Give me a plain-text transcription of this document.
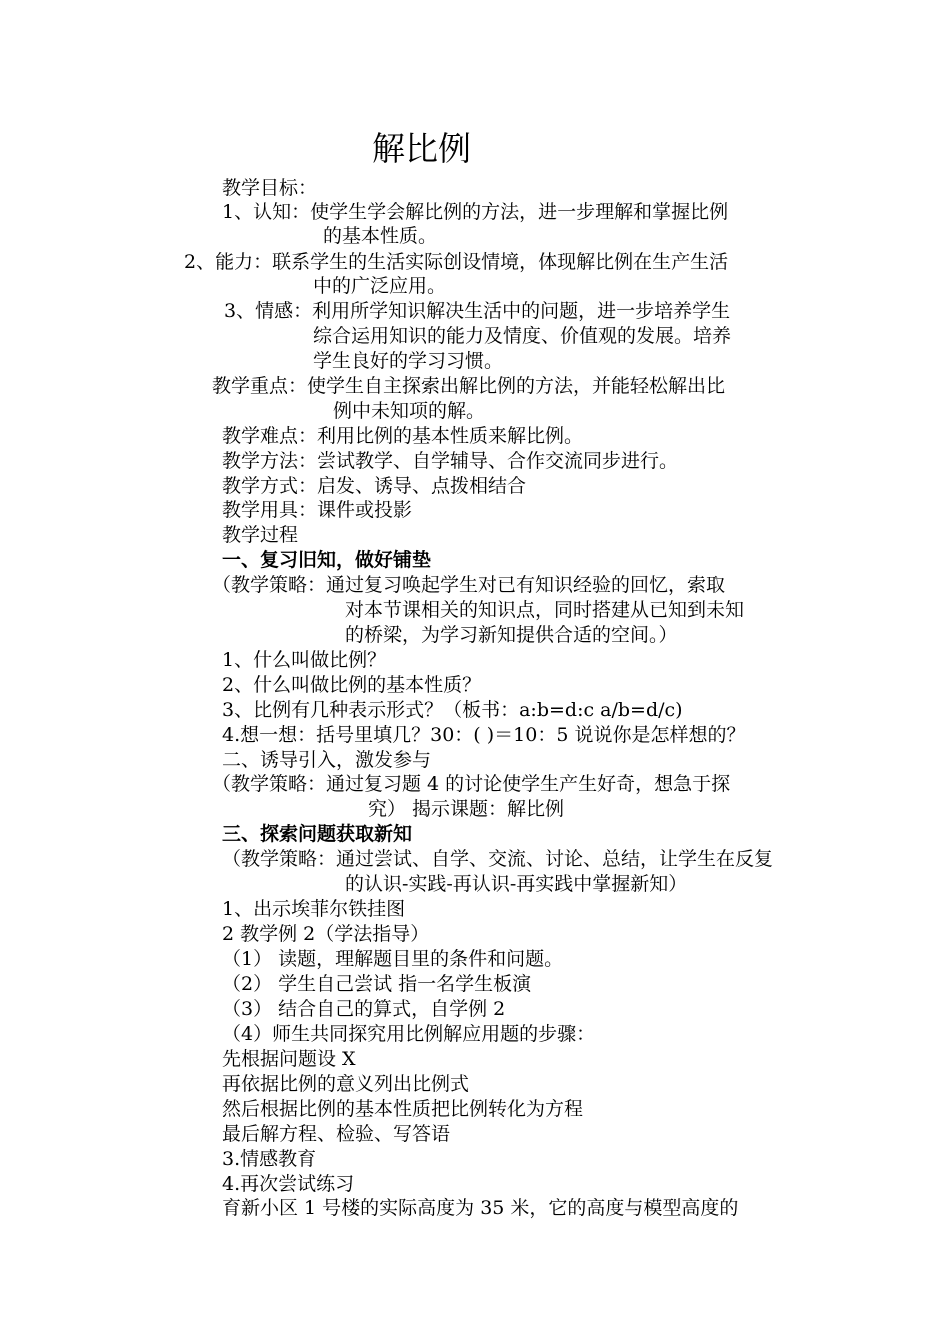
解比例
教学目标：
1、认知：使学生学会解比例的方法，进一步理解和掌握比例
的基本性质。
2、能力：联系学生的生活实际创设情境，体现解比例在生产生活
中的广泛应用。
3、情感：利用所学知识解决生活中的问题，进一步培养学生
综合运用知识的能力及情度、价值观的发展。培养
学生良好的学习习惯。
教学重点：使学生自主探索出解比例的方法，并能轻松解出比
例中未知项的解。
教学难点：利用比例的基本性质来解比例。
教学方法：尝试教学、自学辅导、合作交流同步进行。
教学方式：启发、诱导、点拨相结合
教学用具：课件或投影
教学过程
一、复习旧知，做好铺垫
（教学策略：通过复习唤起学生对已有知识经验的回忆，索取
对本节课相关的知识点，同时搭建从已知到未知
的桥梁，为学习新知提供合适的空间。）
1、什么叫做比例？
2、什么叫做比例的基本性质？
3、比例有几种表示形式？（板书：a:b=d:c a/b=d/c)
4.想一想：括号里填几？30：( )＝10：5 说说你是怎样想的？
二、诱导引入，激发参与
（教学策略：通过复习题 4 的讨论使学生产生好奇，想急于探
究） 揭示课题：解比例
三、探索问题获取新知
（教学策略：通过尝试、自学、交流、讨论、总结，让学生在反复
的认识-实践-再认识-再实践中掌握新知）
1、出示埃菲尔铁挂图
2 教学例 2（学法指导）
（1） 读题，理解题目里的条件和问题。
（2） 学生自己尝试 指一名学生板演
（3） 结合自己的算式，自学例 2
（4）师生共同探究用比例解应用题的步骤：
先根据问题设 X
再依据比例的意义列出比例式
然后根据比例的基本性质把比例转化为方程
最后解方程、检验、写答语
3.情感教育
4.再次尝试练习
育新小区 1 号楼的实际高度为 35 米，它的高度与模型高度的
